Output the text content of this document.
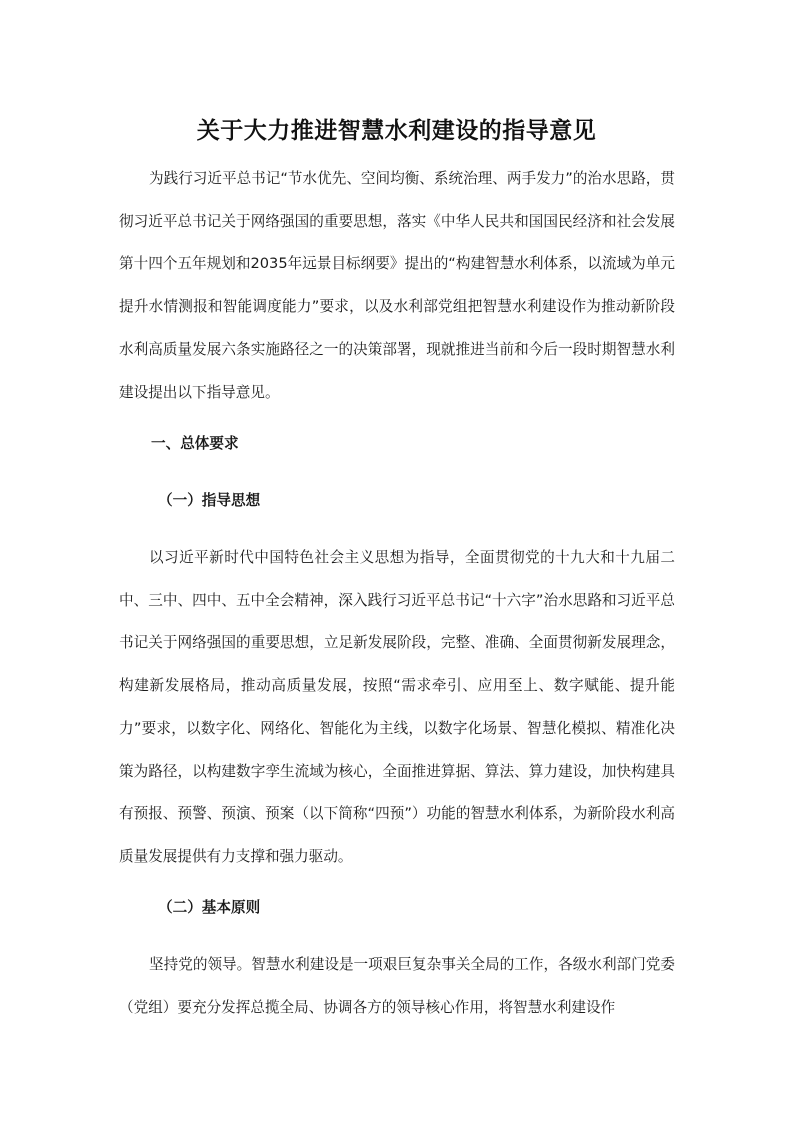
关于大力推进智慧水利建设的指导意见

为践行习近平总书记“节水优先、空间均衡、系统治理、两手发力”的治水思路，贯彻习近平总书记关于网络强国的重要思想，落实《中华人民共和国国民经济和社会发展第十四个五年规划和2035年远景目标纲要》提出的“构建智慧水利体系，以流域为单元提升水情测报和智能调度能力”要求，以及水利部党组把智慧水利建设作为推动新阶段水利高质量发展六条实施路径之一的决策部署，现就推进当前和今后一段时期智慧水利建设提出以下指导意见。

一、总体要求
（一）指导思想

以习近平新时代中国特色社会主义思想为指导，全面贯彻党的十九大和十九届二中、三中、四中、五中全会精神，深入践行习近平总书记“十六字”治水思路和习近平总书记关于网络强国的重要思想，立足新发展阶段，完整、准确、全面贯彻新发展理念，构建新发展格局，推动高质量发展，按照“需求牵引、应用至上、数字赋能、提升能力”要求，以数字化、网络化、智能化为主线，以数字化场景、智慧化模拟、精准化决策为路径，以构建数字孪生流域为核心，全面推进算据、算法、算力建设，加快构建具有预报、预警、预演、预案（以下简称“四预”）功能的智慧水利体系，为新阶段水利高质量发展提供有力支撑和强力驱动。

（二）基本原则

坚持党的领导。智慧水利建设是一项艰巨复杂事关全局的工作，各级水利部门党委（党组）要充分发挥总揽全局、协调各方的领导核心作用，将智慧水利建设作
